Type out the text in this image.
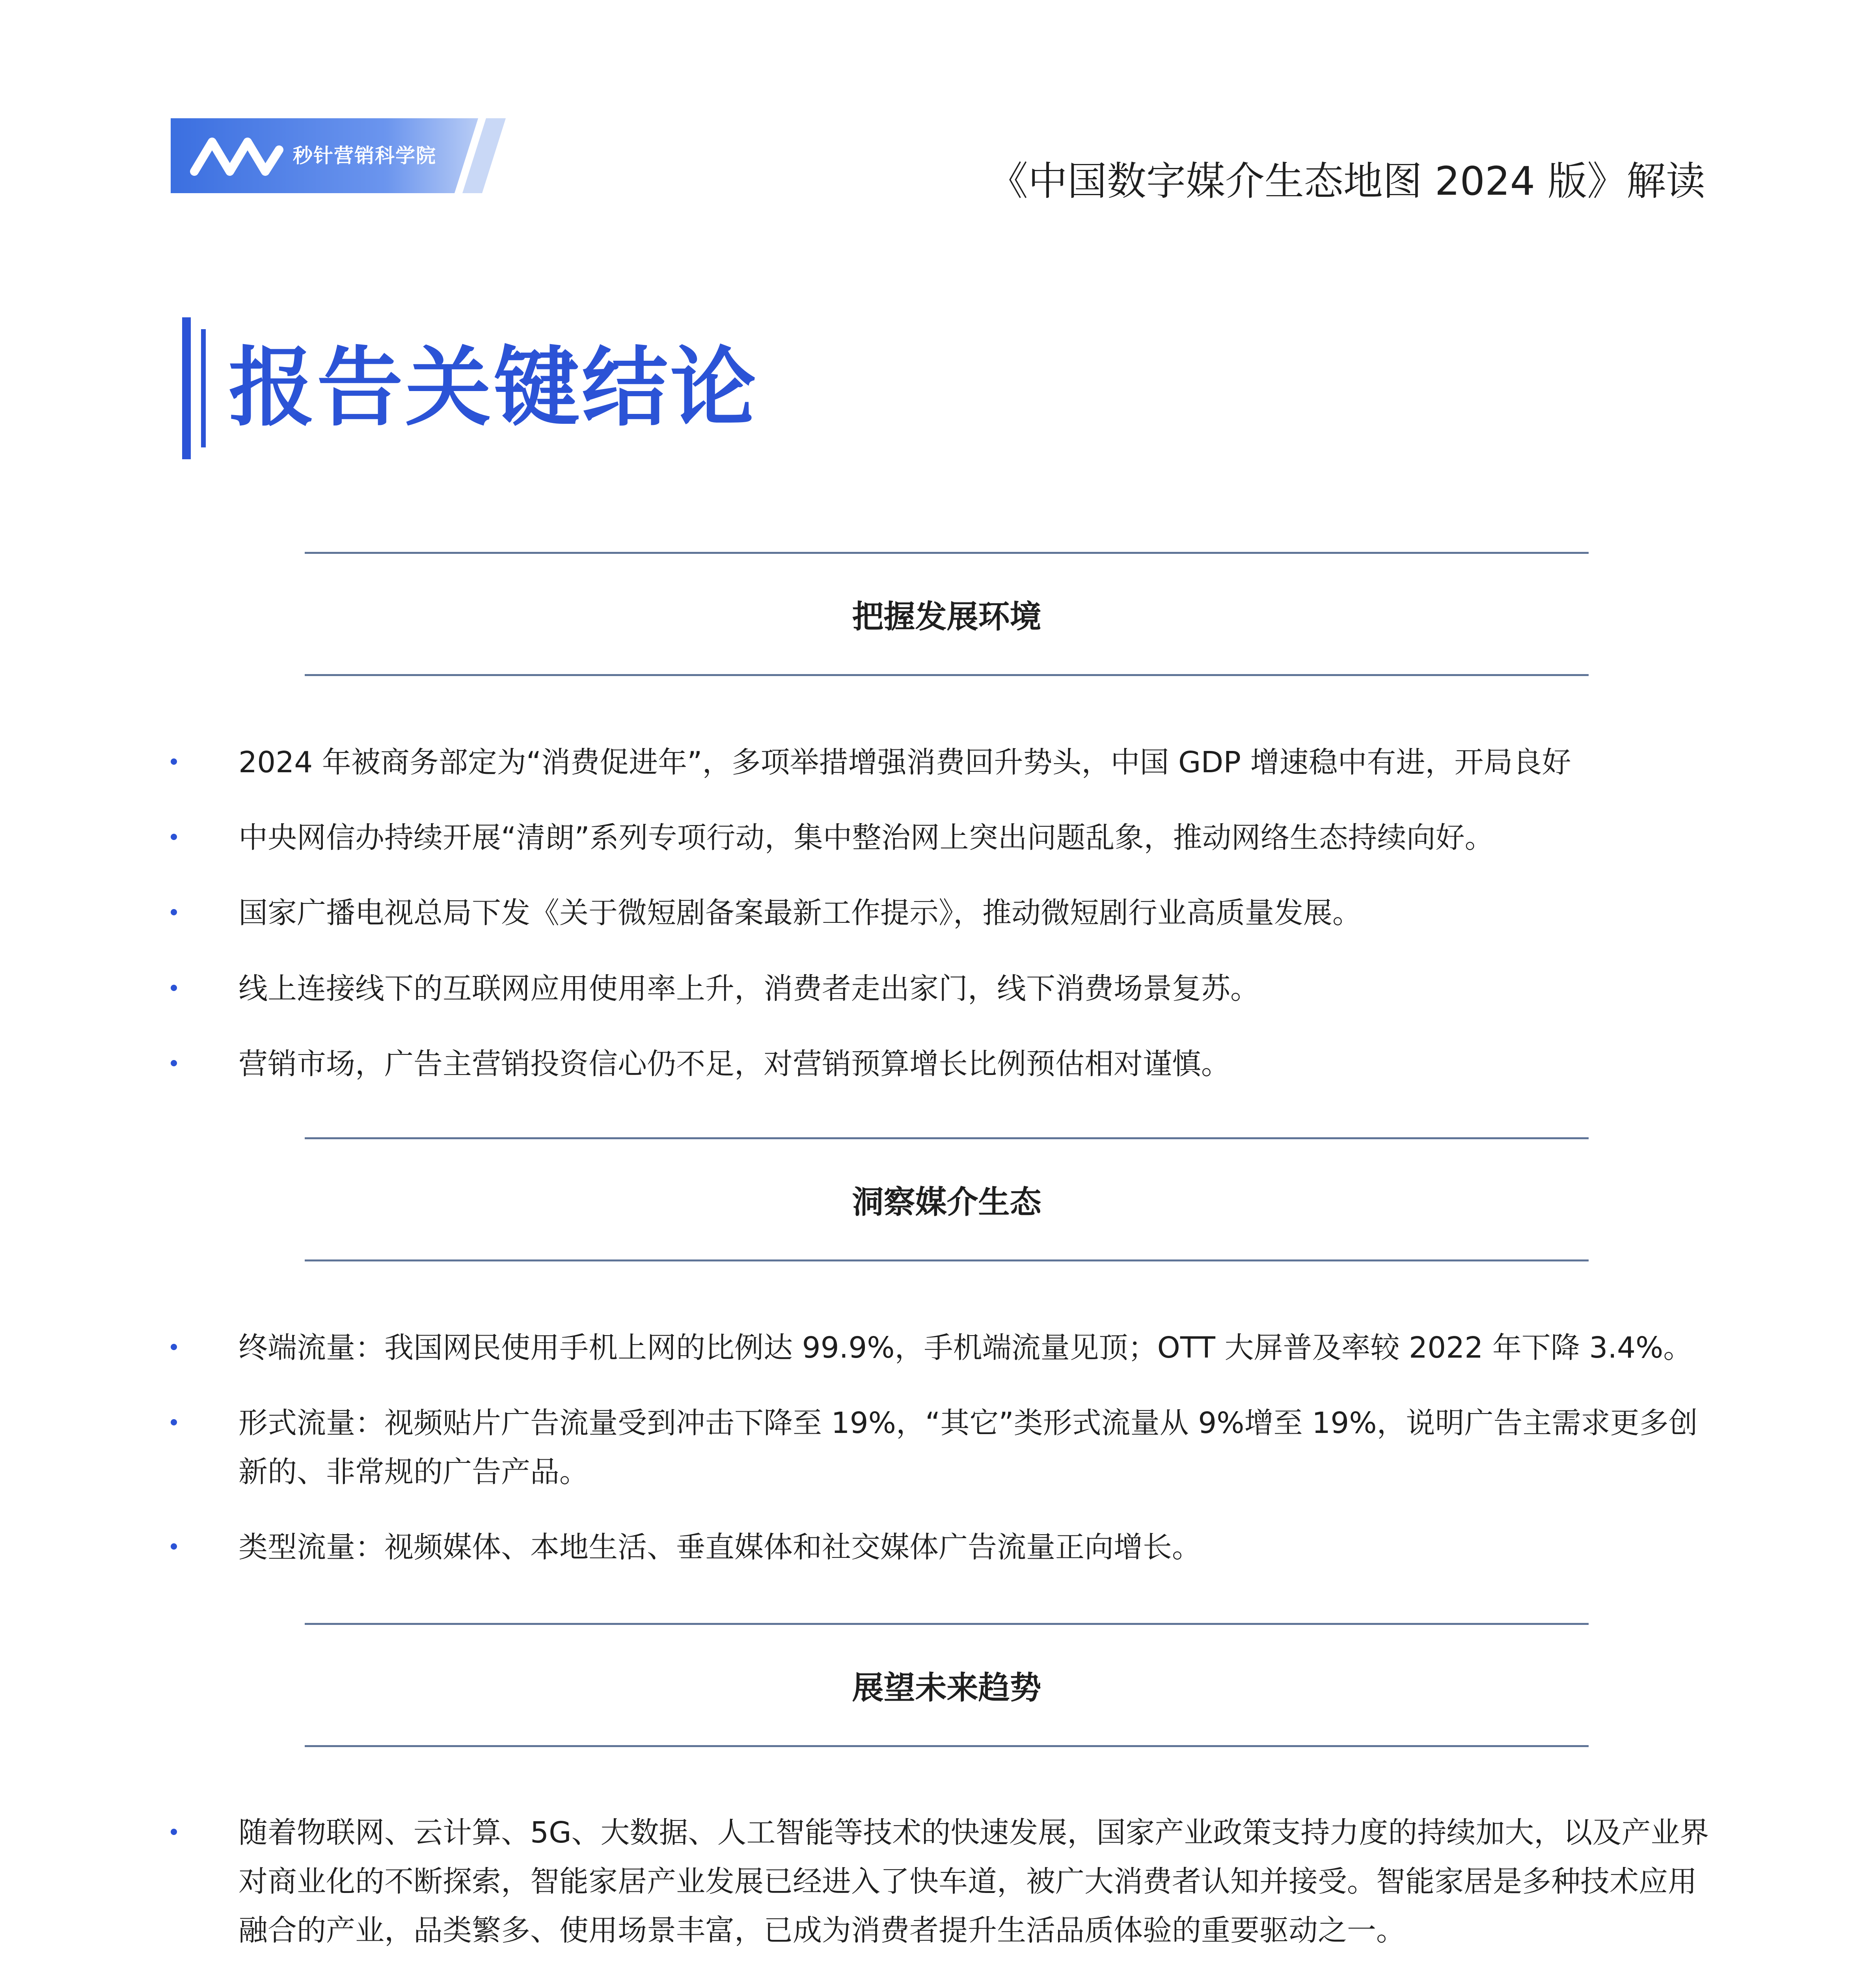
秒针营销科学院
《中国数字媒介生态地图 2024 版》解读
报告关键结论
把握发展环境
2024 年被商务部定为“消费促进年”，多项举措增强消费回升势头，中国 GDP 增速稳中有进，开局良好
中央网信办持续开展“清朗”系列专项行动，集中整治网上突出问题乱象，推动网络生态持续向好。
国家广播电视总局下发《关于微短剧备案最新工作提示》，推动微短剧行业高质量发展。
线上连接线下的互联网应用使用率上升，消费者走出家门，线下消费场景复苏。
营销市场，广告主营销投资信心仍不足，对营销预算增长比例预估相对谨慎。
洞察媒介生态
终端流量：我国网民使用手机上网的比例达 99.9%，手机端流量见顶；OTT 大屏普及率较 2022 年下降 3.4%。
形式流量：视频贴片广告流量受到冲击下降至 19%，“其它”类形式流量从 9%增至 19%，说明广告主需求更多创新的、非常规的广告产品。
类型流量：视频媒体、本地生活、垂直媒体和社交媒体广告流量正向增长。
展望未来趋势
随着物联网、云计算、5G、大数据、人工智能等技术的快速发展，国家产业政策支持力度的持续加大，以及产业界对商业化的不断探索，智能家居产业发展已经进入了快车道，被广大消费者认知并接受。智能家居是多种技术应用融合的产业，品类繁多、使用场景丰富，已成为消费者提升生活品质体验的重要驱动之一。
